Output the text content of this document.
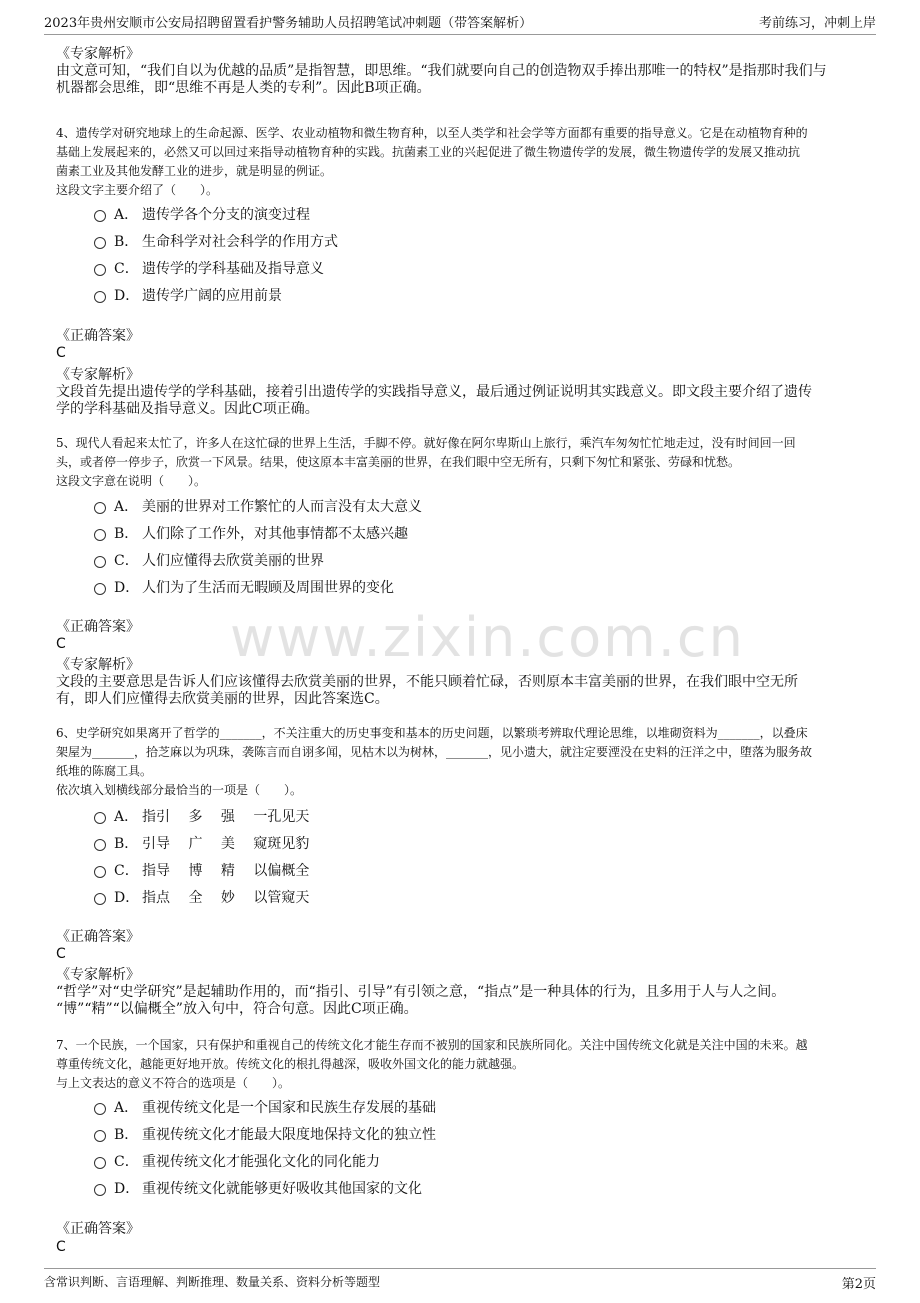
2023年贵州安顺市公安局招聘留置看护警务辅助人员招聘笔试冲刺题（带答案解析）	考前练习，冲刺上岸
www.zixin.com.cn
《专家解析》
由文意可知，“我们自以为优越的品质”是指智慧，即思维。“我们就要向自己的创造物双手捧出那唯一的特权”是指那时我们与
机器都会思维，即“思维不再是人类的专利”。因此B项正确。
4、遗传学对研究地球上的生命起源、医学、农业动植物和微生物育种，以至人类学和社会学等方面都有重要的指导意义。它是在动植物育种的
基础上发展起来的，必然又可以回过来指导动植物育种的实践。抗菌素工业的兴起促进了微生物遗传学的发展，微生物遗传学的发展又推动抗
菌素工业及其他发酵工业的进步，就是明显的例证。
这段文字主要介绍了（　　）。
A． 遗传学各个分支的演变过程
B． 生命科学对社会科学的作用方式
C． 遗传学的学科基础及指导意义
D． 遗传学广阔的应用前景
《正确答案》
C
《专家解析》
文段首先提出遗传学的学科基础，接着引出遗传学的实践指导意义，最后通过例证说明其实践意义。即文段主要介绍了遗传
学的学科基础及指导意义。因此C项正确。
5、现代人看起来太忙了，许多人在这忙碌的世界上生活，手脚不停。就好像在阿尔卑斯山上旅行，乘汽车匆匆忙忙地走过，没有时间回一回
头，或者停一停步子，欣赏一下风景。结果，使这原本丰富美丽的世界，在我们眼中空无所有，只剩下匆忙和紧张、劳碌和忧愁。
这段文字意在说明（　　）。
A． 美丽的世界对工作繁忙的人而言没有太大意义
B． 人们除了工作外，对其他事情都不太感兴趣
C． 人们应懂得去欣赏美丽的世界
D． 人们为了生活而无暇顾及周围世界的变化
《正确答案》
C
《专家解析》
文段的主要意思是告诉人们应该懂得去欣赏美丽的世界，不能只顾着忙碌，否则原本丰富美丽的世界，在我们眼中空无所
有，即人们应懂得去欣赏美丽的世界，因此答案选C。
6、史学研究如果离开了哲学的_______，不关注重大的历史事变和基本的历史问题，以繁琐考辨取代理论思维，以堆砌资料为_______，以叠床
架屋为_______，拾芝麻以为巩珠，袭陈言而自诩多闻，见枯木以为树林，_______，见小遗大，就注定要湮没在史料的汪洋之中，堕落为服务故
纸堆的陈腐工具。
依次填入划横线部分最恰当的一项是（　　）。
A． 指引　 多　 强　 一孔见天
B． 引导　 广　 美　 窥斑见豹
C． 指导　 博　 精　 以偏概全
D． 指点　 全　 妙　 以管窥天
《正确答案》
C
《专家解析》
“哲学”对“史学研究”是起辅助作用的，而“指引、引导”有引领之意，“指点”是一种具体的行为，且多用于人与人之间。
“博”“精”“以偏概全”放入句中，符合句意。因此C项正确。
7、一个民族，一个国家，只有保护和重视自己的传统文化才能生存而不被别的国家和民族所同化。关注中国传统文化就是关注中国的未来。越
尊重传统文化，越能更好地开放。传统文化的根扎得越深，吸收外国文化的能力就越强。
与上文表达的意义不符合的选项是（　　）。
A． 重视传统文化是一个国家和民族生存发展的基础
B． 重视传统文化才能最大限度地保持文化的独立性
C． 重视传统文化才能强化文化的同化能力
D． 重视传统文化就能够更好吸收其他国家的文化
《正确答案》
C
含常识判断、言语理解、判断推理、数量关系、资料分析等题型	第2页
